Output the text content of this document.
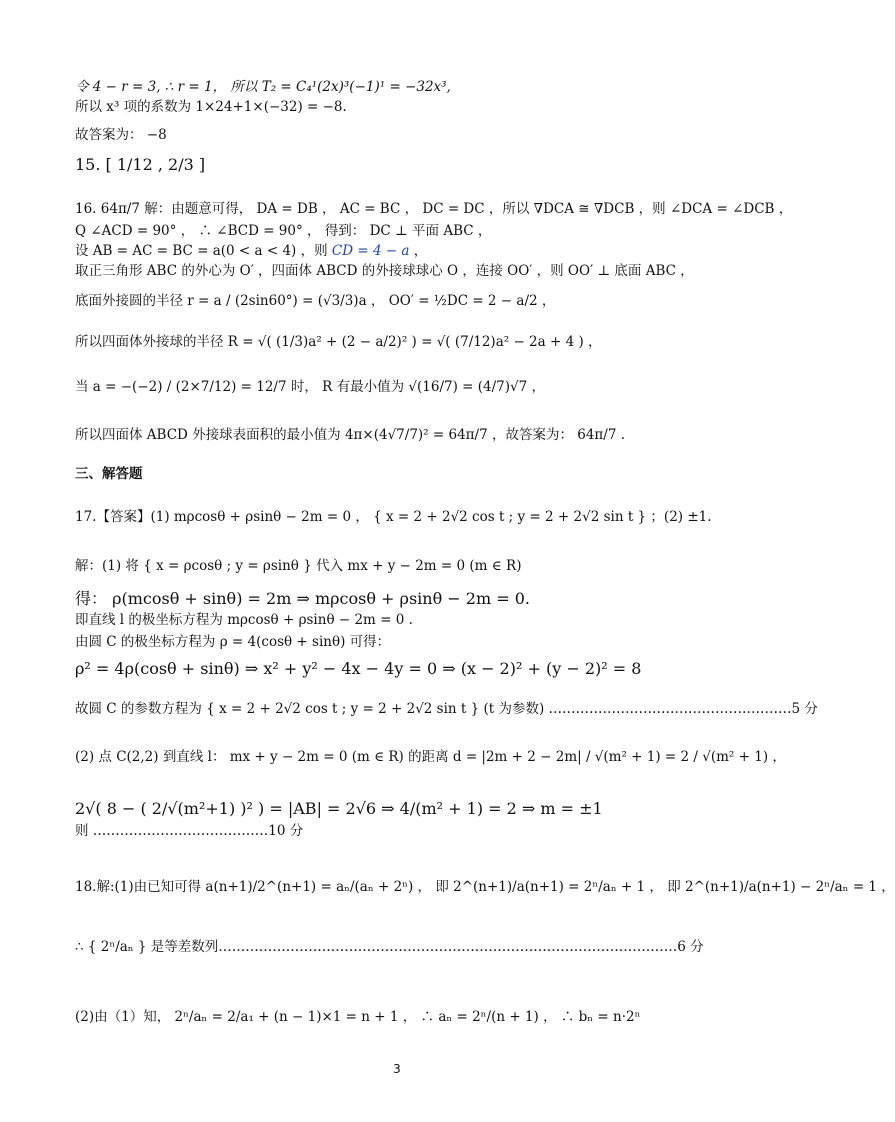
令 4 − r = 3, ∴ r = 1， 所以 T₂ = C₄¹(2x)³(−1)¹ = −32x³,
所以 x³ 项的系数为 1×24+1×(−32) = −8.
故答案为： −8
15. [ 1/12 , 2/3 ]
16. 64π/7 解：由题意可得， DA = DB ， AC = BC ， DC = DC ，所以 ∇DCA ≅ ∇DCB ，则 ∠DCA = ∠DCB ，
Q ∠ACD = 90° ， ∴ ∠BCD = 90° ， 得到： DC ⊥ 平面 ABC ，
设 AB = AC = BC = a(0 < a < 4) ，则 CD = 4 − a ，
取正三角形 ABC 的外心为 O′ ，四面体 ABCD 的外接球球心 O ，连接 OO′ ，则 OO′ ⊥ 底面 ABC ，
底面外接圆的半径 r = a / (2sin60°) = (√3/3)a ， OO′ = ½DC = 2 − a/2 ，
所以四面体外接球的半径 R = √( (1/3)a² + (2 − a/2)² ) = √( (7/12)a² − 2a + 4 ) ，
当 a = −(−2) / (2×7/12) = 12/7 时， R 有最小值为 √(16/7) = (4/7)√7 ，
所以四面体 ABCD 外接球表面积的最小值为 4π×(4√7/7)² = 64π/7 ，故答案为： 64π/7 .
三、解答题
17.【答案】(1) mρcosθ + ρsinθ − 2m = 0 ， { x = 2 + 2√2 cos t ; y = 2 + 2√2 sin t } ；(2) ±1.
解：(1) 将 { x = ρcosθ ; y = ρsinθ } 代入 mx + y − 2m = 0 (m ∈ R)
得： ρ(mcosθ + sinθ) = 2m ⇒ mρcosθ + ρsinθ − 2m = 0.
即直线 l 的极坐标方程为 mρcosθ + ρsinθ − 2m = 0 .
由圆 C 的极坐标方程为 ρ = 4(cosθ + sinθ) 可得：
ρ² = 4ρ(cosθ + sinθ) ⇒ x² + y² − 4x − 4y = 0 ⇒ (x − 2)² + (y − 2)² = 8
故圆 C 的参数方程为 { x = 2 + 2√2 cos t ; y = 2 + 2√2 sin t } (t 为参数) ………………………………………………5 分
(2) 点 C(2,2) 到直线 l： mx + y − 2m = 0 (m ∈ R) 的距离 d = |2m + 2 − 2m| / √(m² + 1) = 2 / √(m² + 1) ，
2√( 8 − ( 2/√(m²+1) )² ) = |AB| = 2√6 ⇒ 4/(m² + 1) = 2 ⇒ m = ±1
则 …………………………………10 分
18.解:(1)由已知可得 a(n+1)/2^(n+1) = aₙ/(aₙ + 2ⁿ) ， 即 2^(n+1)/a(n+1) = 2ⁿ/aₙ + 1 ， 即 2^(n+1)/a(n+1) − 2ⁿ/aₙ = 1 ，
∴ { 2ⁿ/aₙ } 是等差数列…………………………………………………………………………………………6 分
(2)由（1）知， 2ⁿ/aₙ = 2/a₁ + (n − 1)×1 = n + 1 ， ∴ aₙ = 2ⁿ/(n + 1) ， ∴ bₙ = n·2ⁿ
3
